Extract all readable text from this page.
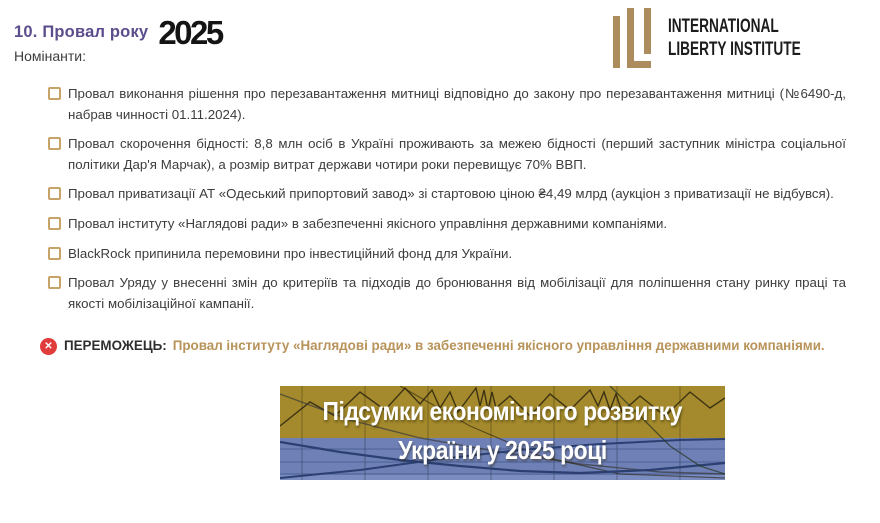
10. Провал року 2025
Номінанти:
INTERNATIONAL
LIBERTY INSTITUTE
Провал виконання рішення про перезавантаження митниці відповідно до закону про перезавантаження митниці (№6490-д, набрав чинності 01.11.2024).
Провал скорочення бідності: 8,8 млн осіб в Україні проживають за межею бідності (перший заступник міністра соціальної політики Дар'я Марчак), а розмір витрат держави чотири роки перевищує 70% ВВП.
Провал приватизації АТ «Одеський припортовий завод» зі стартовою ціною ₴4,49 млрд (аукціон з приватизації не відбувся).
Провал інституту «Наглядові ради» в забезпеченні якісного управління державними компаніями.
BlackRock припинила перемовини про інвестиційний фонд для України.
Провал Уряду у внесенні змін до критеріїв та підходів до бронювання від мобілізації для поліпшення стану ринку праці та якості мобілізаційної кампанії.
✕ ПЕРЕМОЖЕЦЬ: Провал інституту «Наглядові ради» в забезпеченні якісного управління державними компаніями.
Підсумки економічного розвитку
України у 2025 році
